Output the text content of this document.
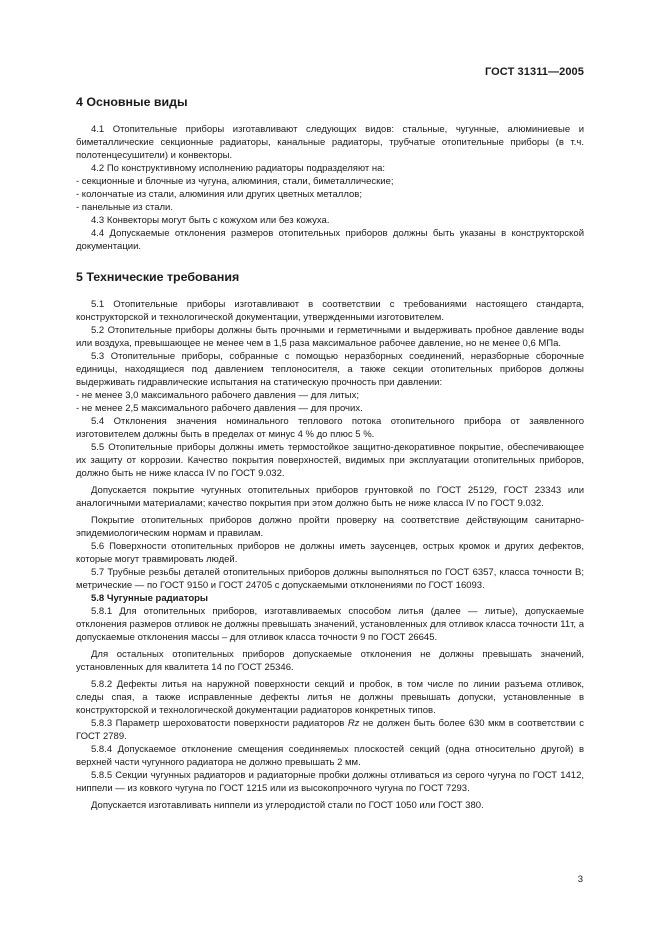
ГОСТ 31311—2005
4 Основные виды

4.1 Отопительные приборы изготавливают следующих видов: стальные, чугунные, алюминиевые и биметаллические секционные радиаторы, канальные радиаторы, трубчатые отопительные приборы (в т.ч. полотенцесушители) и конвекторы.

4.2 По конструктивному исполнению радиаторы подразделяют на:

- секционные и блочные из чугуна, алюминия, стали, биметаллические;

- колончатые из стали, алюминия или других цветных металлов;

- панельные из стали.

4.3 Конвекторы могут быть с кожухом или без кожуха.

4.4 Допускаемые отклонения размеров отопительных приборов должны быть указаны в конструкторской документации.

5 Технические требования

5.1 Отопительные приборы изготавливают в соответствии с требованиями настоящего стандарта, конструкторской и технологической документации, утвержденными изготовителем.

5.2 Отопительные приборы должны быть прочными и герметичными и выдерживать пробное давление воды или воздуха, превышающее не менее чем в 1,5 раза максимальное рабочее давление, но не менее 0,6 МПа.

5.3 Отопительные приборы, собранные с помощью неразборных соединений, неразборные сборочные единицы, находящиеся под давлением теплоносителя, а также секции отопительных приборов должны выдерживать гидравлические испытания на статическую прочность при давлении:

- не менее 3,0 максимального рабочего давления — для литых;

- не менее 2,5 максимального рабочего давления — для прочих.

5.4 Отклонения значения номинального теплового потока отопительного прибора от заявленного изготовителем должны быть в пределах от минус 4 % до плюс 5 %.

5.5 Отопительные приборы должны иметь термостойкое защитно-декоративное покрытие, обеспечивающее их защиту от коррозии. Качество покрытия поверхностей, видимых при эксплуатации отопительных приборов, должно быть не ниже класса IV по ГОСТ 9.032.

Допускается покрытие чугунных отопительных приборов грунтовкой по ГОСТ 25129, ГОСТ 23343 или аналогичными материалами; качество покрытия при этом должно быть не ниже класса IV по ГОСТ 9.032.

Покрытие отопительных приборов должно пройти проверку на соответствие действующим санитарно-эпидемиологическим нормам и правилам.

5.6 Поверхности отопительных приборов не должны иметь заусенцев, острых кромок и других дефектов, которые могут травмировать людей.

5.7 Трубные резьбы деталей отопительных приборов должны выполняться по ГОСТ 6357, класса точности В; метрические — по ГОСТ 9150 и ГОСТ 24705 с допускаемыми отклонениями по ГОСТ 16093.

5.8 Чугунные радиаторы

5.8.1 Для отопительных приборов, изготавливаемых способом литья (далее — литые), допускаемые отклонения размеров отливок не должны превышать значений, установленных для отливок класса точности 11т, а допускаемые отклонения массы – для отливок класса точности 9 по ГОСТ 26645.

Для остальных отопительных приборов допускаемые отклонения не должны превышать значений, установленных для квалитета 14 по ГОСТ 25346.

5.8.2 Дефекты литья на наружной поверхности секций и пробок, в том числе по линии разъема отливок, следы спая, а также исправленные дефекты литья не должны превышать допуски, установленные в конструкторской и технологической документации радиаторов конкретных типов.

5.8.3 Параметр шероховатости поверхности радиаторов Rz не должен быть более 630 мкм в соответствии с ГОСТ 2789.

5.8.4 Допускаемое отклонение смещения соединяемых плоскостей секций (одна относительно другой) в верхней части чугунного радиатора не должно превышать 2 мм.

5.8.5 Секции чугунных радиаторов и радиаторные пробки должны отливаться из серого чугуна по ГОСТ 1412, ниппели — из ковкого чугуна по ГОСТ 1215 или из высокопрочного чугуна по ГОСТ 7293.

Допускается изготавливать ниппели из углеродистой стали по ГОСТ 1050 или ГОСТ 380.

3
